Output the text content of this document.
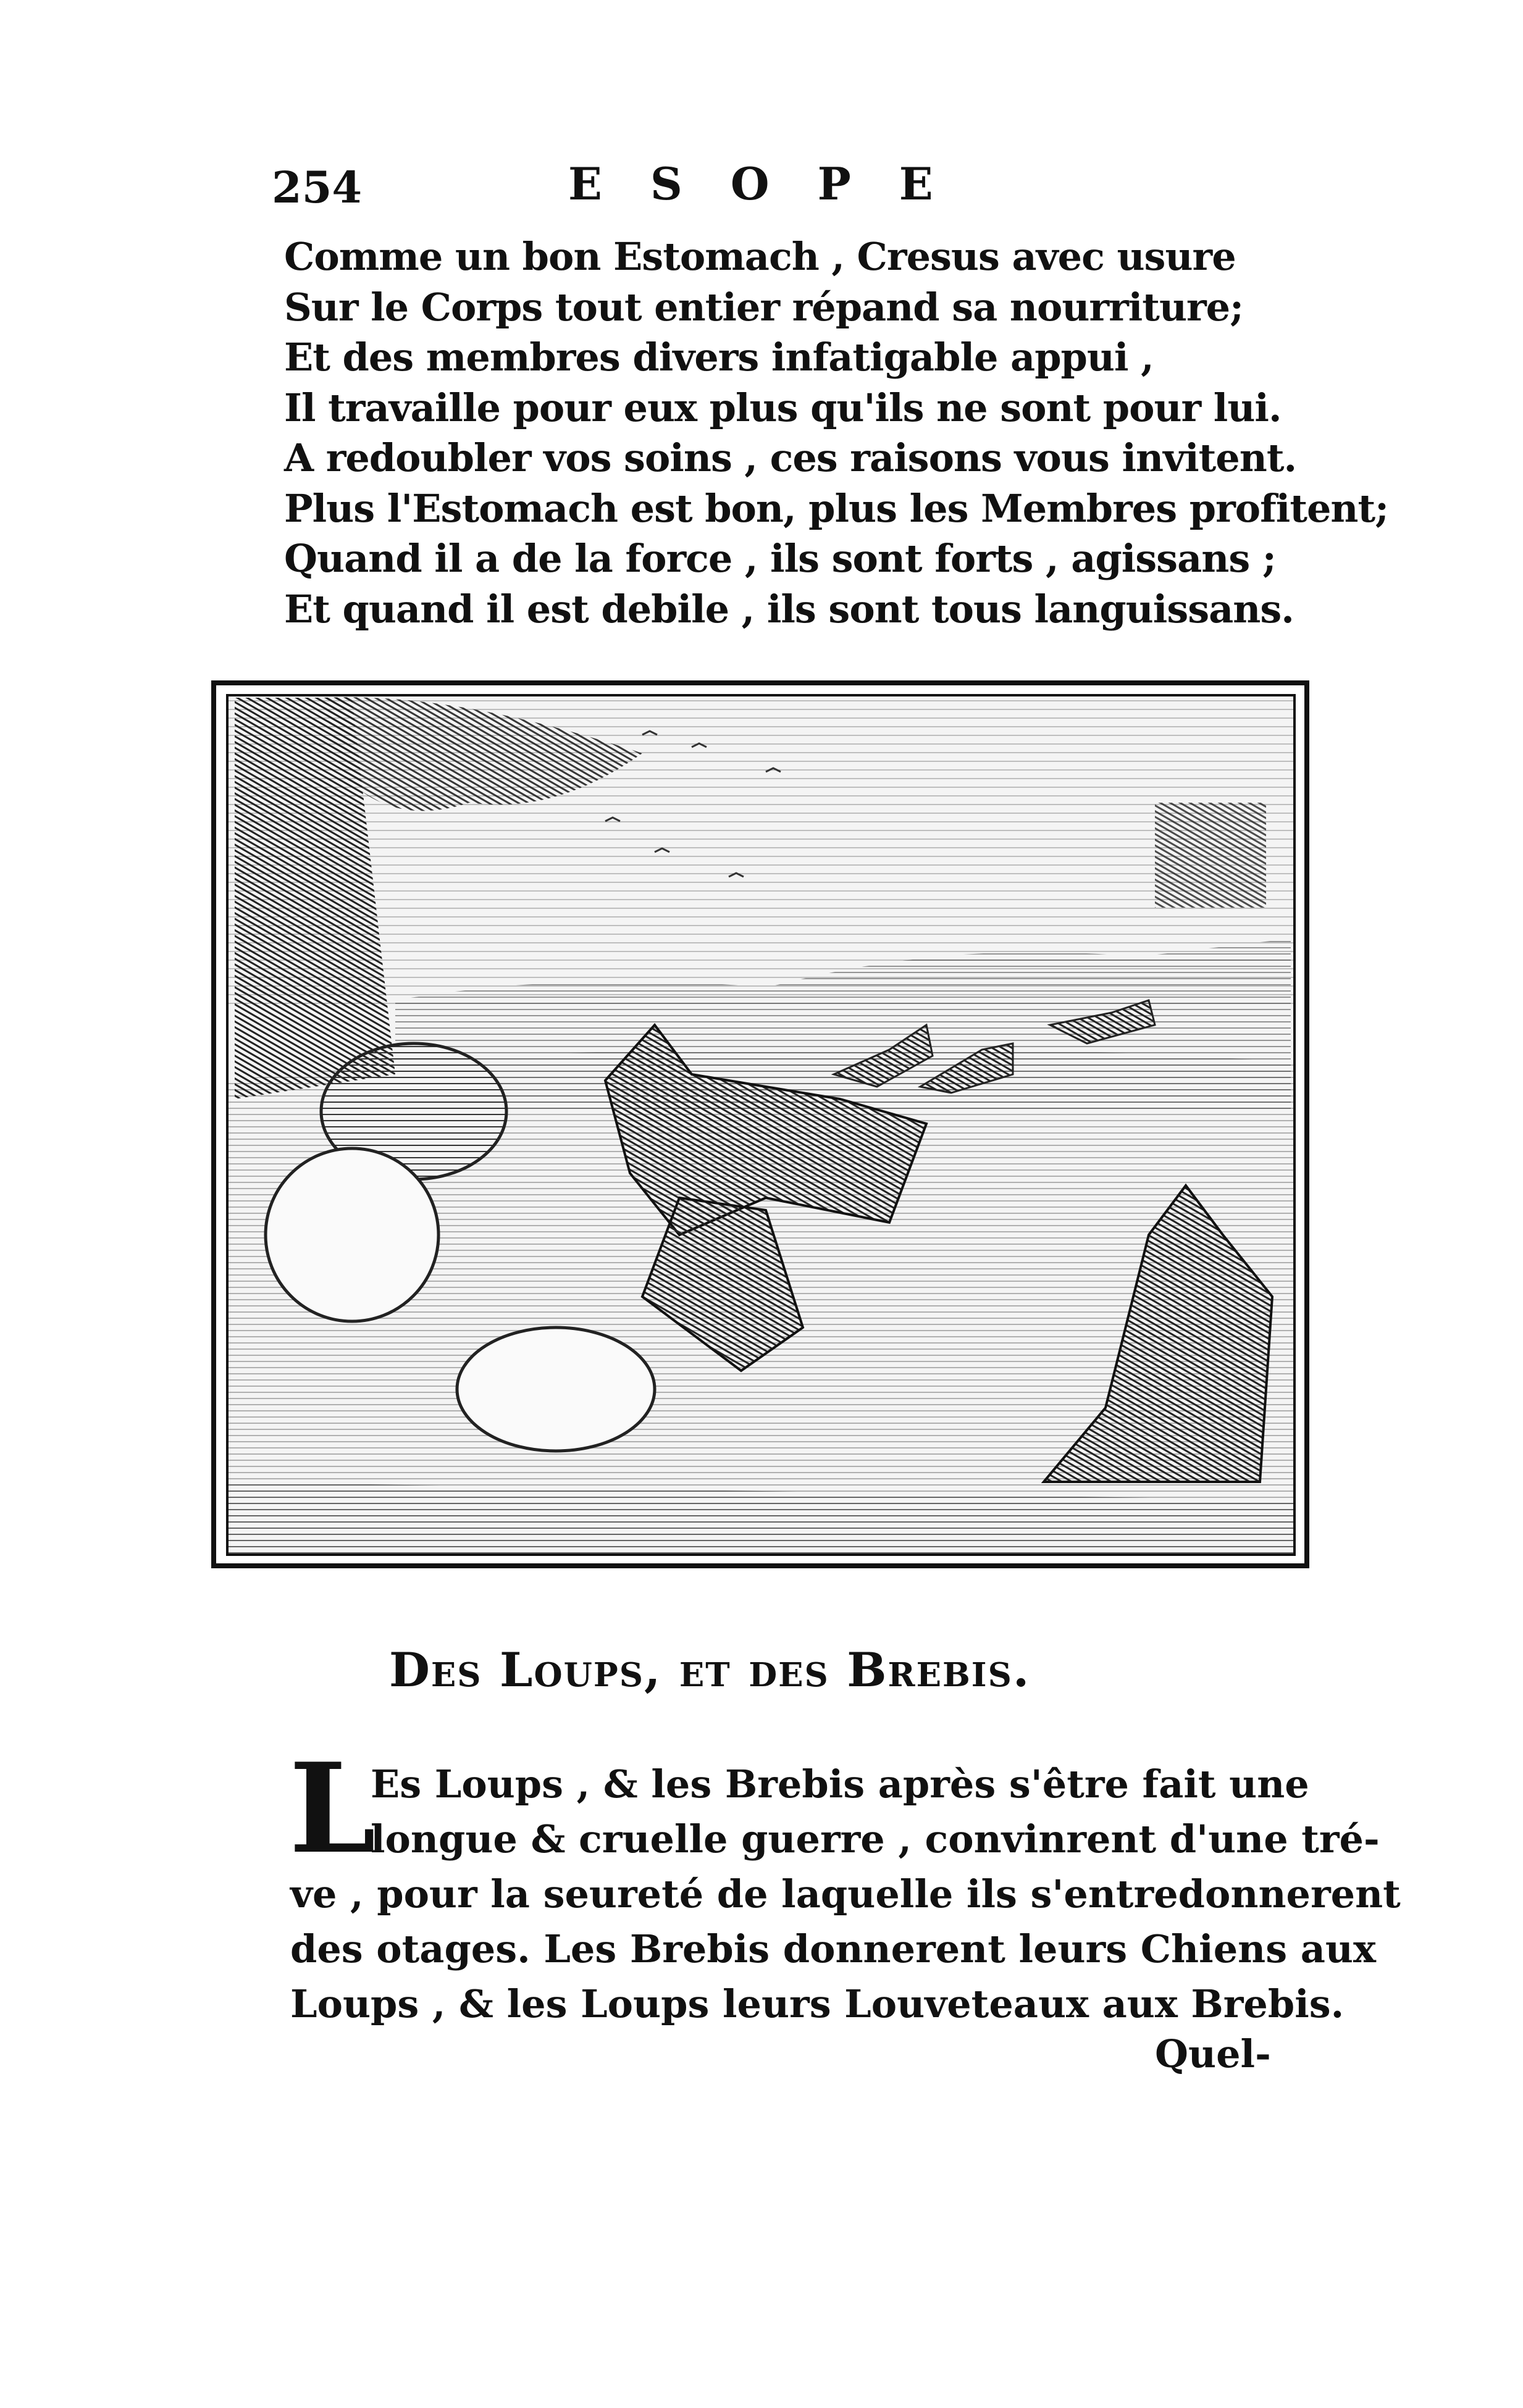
254	ESOPE
Comme un bon Estomach , Cresus avec usure
Sur le Corps tout entier répand sa nourriture;
Et des membres divers infatigable appui ,
Il travaille pour eux plus qu'ils ne sont pour lui.
A redoubler vos soins , ces raisons vous invitent.
Plus l'Estomach est bon, plus les Membres profitent;
Quand il a de la force , ils sont forts , agissans ;
Et quand il est debile , ils sont tous languissans.
Des Loups, et des Brebis.
L
Es Loups , & les Brebis après s'être fait une
longue & cruelle guerre , convinrent d'une tré-
ve , pour la seureté de laquelle ils s'entredonnerent
des otages. Les Brebis donnerent leurs Chiens aux
Loups , & les Loups leurs Louveteaux aux Brebis.
Quel-
